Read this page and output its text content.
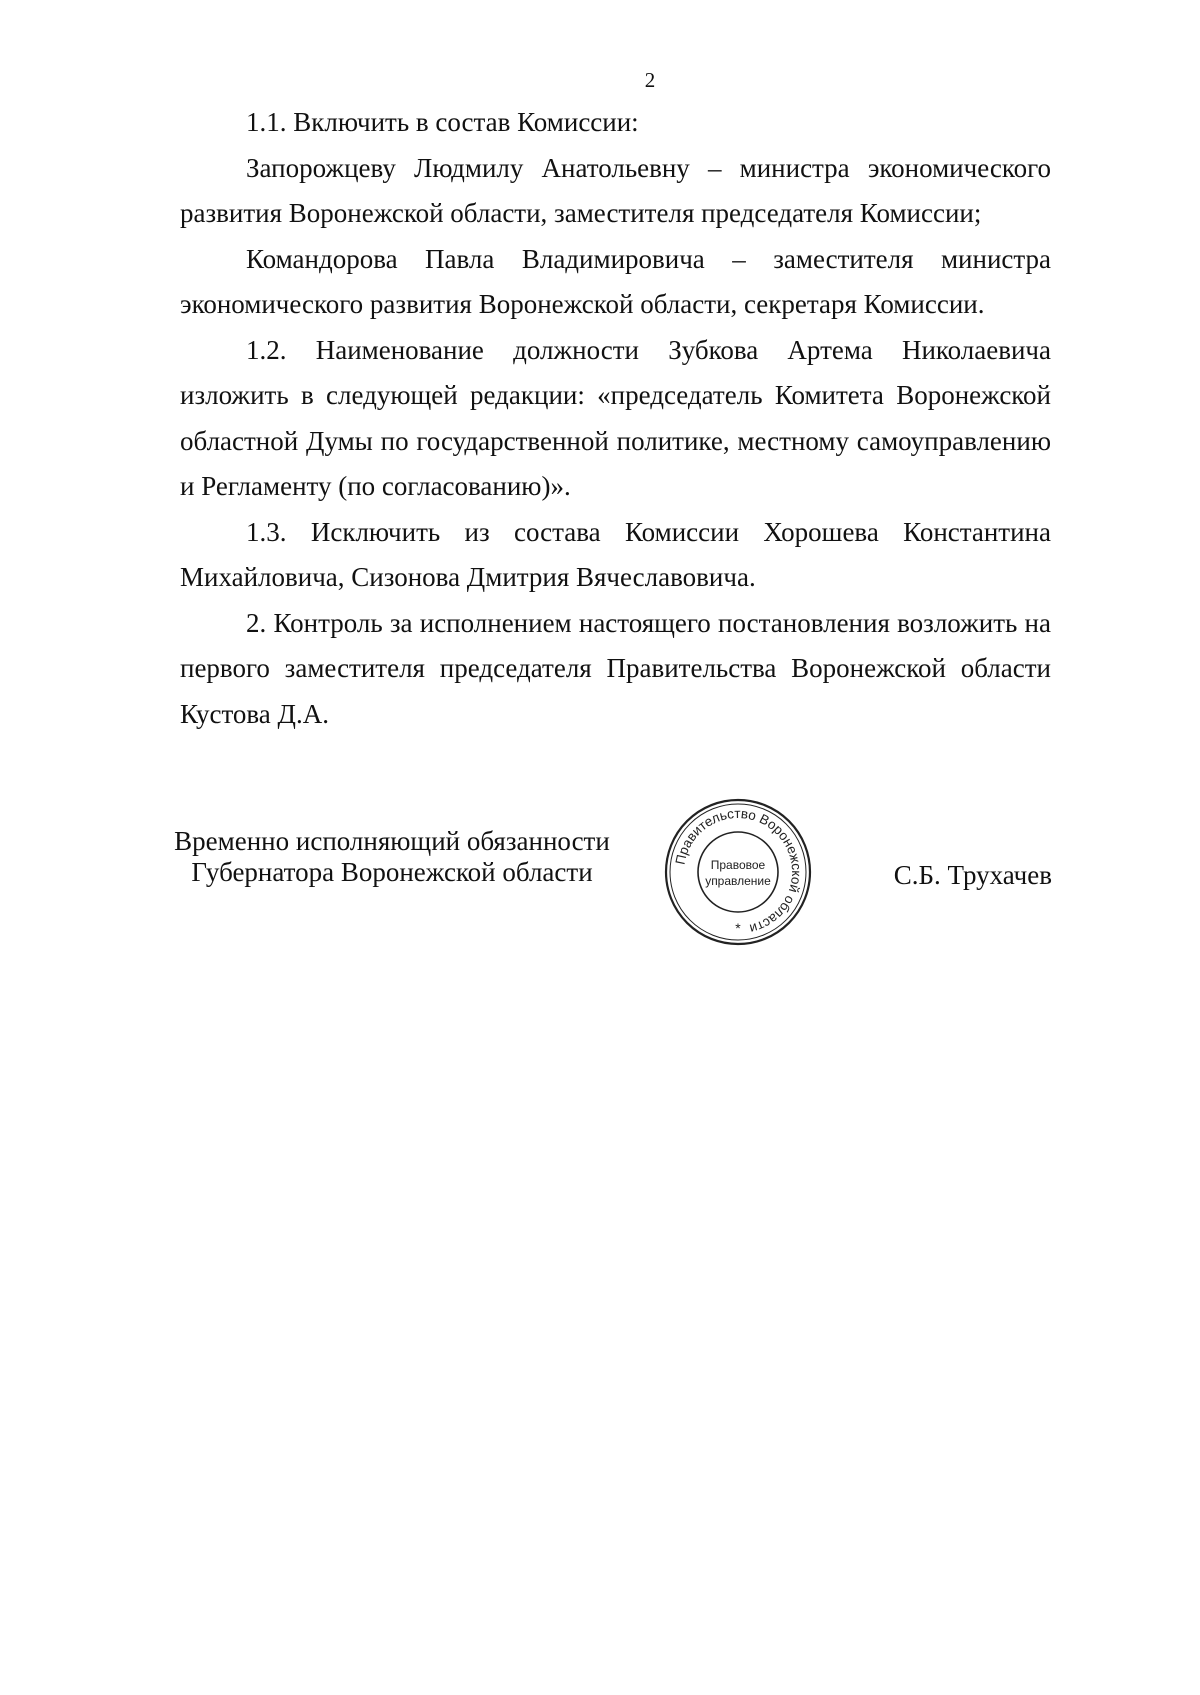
2

1.1. Включить в состав Комиссии:

Запорожцеву Людмилу Анатольевну – министра экономического развития Воронежской области, заместителя председателя Комиссии;

Командорова Павла Владимировича – заместителя министра экономического развития Воронежской области, секретаря Комиссии.

1.2. Наименование должности Зубкова Артема Николаевича изложить в следующей редакции: «председатель Комитета Воронежской областной Думы по государственной политике, местному самоуправлению и Регламенту (по согласованию)».

1.3. Исключить из состава Комиссии Хорошева Константина Михайловича, Сизонова Дмитрия Вячеславовича.

2. Контроль за исполнением настоящего постановления возложить на первого заместителя председателя Правительства Воронежской области Кустова Д.А.

Временно исполняющий обязанности
Губернатора Воронежской области	Правительство Воронежской области
Правовое
управление
*
С.Б. Трухачев
